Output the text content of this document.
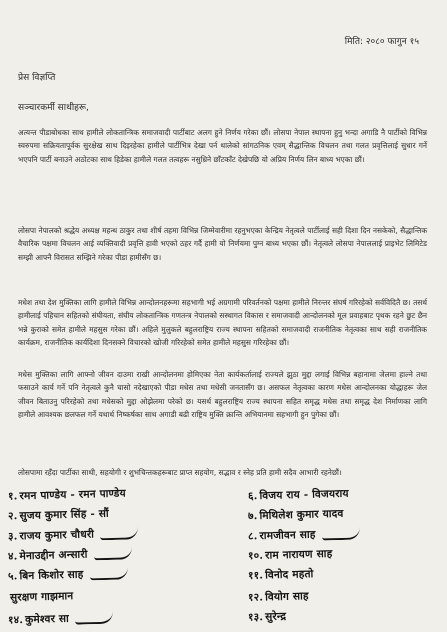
मिति: २०८० फागुन १५
प्रेस विज्ञप्ति
सञ्चारकर्मी साथीहरू,

अत्यन्त पीडाबोधका साथ हामीले लोकतान्त्रिक समाजवादी पार्टीबाट अलग हुने निर्णय गरेका छौं। लोसपा नेपाल स्थापना हुनु भन्दा अगाडि नै पार्टीको विभिन्न स्वरुपमा सक्रियतापूर्वक सुरक्षेख साथ दिइरहेका हामीले पार्टीभित्र देखा पर्न थालेको सांगठनिक एवम् सैद्धान्तिक विचलन तथा गलत प्रवृत्तिलाई सुधार गर्ने भएपनि पार्टी बनाउने अठोटका साथ हिडेका हामीले गलत तत्वहरू नसुध्रिने छाँटकाँट देखेपछि यो अप्रिय निर्णय लिन बाध्य भएका छौं।

लोसपा नेपालको श्रद्धेय अध्यक्ष महन्थ ठाकुर तथा शीर्ष तहमा विभिन्न जिम्मेवारीमा रहनुभएका केन्द्रिय नेतृत्वले पार्टीलाई सही दिशा दिन नसकेको, सैद्धान्तिक वैचारिक पक्षमा विचलन आई व्यक्तिवादी प्रवृत्ति हावी भएको ठहर गर्दै हामी यो निर्णयमा पुग्न बाध्य भएका छौं। नेतृत्वले लोसपा नेपाललाई प्राइभेट लिमिटेड सम्झी आफ्नै विरासत सम्झिने गरेका पीडा हामीसँग छ।

मधेश तथा देश मुक्तिका लागि हामीले विभिन्न आन्दोलनहरूमा सहभागी भई अग्रगामी परिवर्तनको पक्षमा हामीले निरन्तर संघर्ष गरिरहेको सर्वविदितै छ। तसर्थ हामीलाई पहिचान सहितको संघीयता, संघीय लोकतान्त्रिक गणतन्त्र नेपालको सस्थागत विकास र समाजवादी आन्दोलनको मूल प्रवाहबाट पृथक रहने छुट छैन भन्ने कुराको समेत हामीले महसुस गरेका छौं। अहिले मुलुकले बहुलराष्ट्रिय राज्य स्थापना सहितको समाजवादी राजनीतिक नेतृत्वका साथ सही राजनीतिक कार्यक्रम, राजनीतिक कार्यदिशा दिनसक्ने विचारको खोजी गरिरहेको समेत हामीले महसुस गरिरहेका छौं।

मधेस मुक्तिका लागि आफ्नो जीवन दाउमा राखी आन्दोलनमा होमिएका नेता कार्यकर्तालाई राज्यले झुठा मुद्दा लगाई विभिन्न बहानामा जेलमा हाल्ने तथा फसाउने कार्य गर्ने पनि नेतृत्वले कुनै चासो नदेखाएको पीडा मधेस तथा मधेसी जनतासँग छ। असफल नेतृत्वका कारण मधेस आन्दोलनका योद्धाहरू जेल जीवन बिताउनु परिरहेको तथा मधेसको मुद्दा ओझेलमा परेको छ। यसर्थ बहुलराष्ट्रिय राज्य स्थापना सहित समृद्ध मधेस तथा समृद्ध देश निर्माणका लागि हामीले आवश्यक छलफल गर्ने यथार्थ निष्कर्षका साथ अगाडी बढी राष्ट्रिय मुक्ति क्रान्ति अभियानमा सहभागी हुन पुगेका छौं।

लोसपामा रहँदा पार्टीका साथी, सहयोगी र शुभचिन्तकहरूबाट प्राप्त सहयोग, सद्भाव र स्नेह प्रति हामी सदैव आभारी रहनेछौं।
१. रमन पाण्डेय - रमन पाण्डेय
२. सुजय कुमार सिंह - सौं
३. राजय कुमार चौधरी
४. मेनाउद्दीन अन्सारी
५. बिन किशोर साह
सुरक्षण गाझमान
१४. कुमेश्वर सा
६. विजय राय - विजयराय
७. मिथिलेश कुमार यादव
८. रामजीवन साह
१०. राम नारायण साह
११. विनोद महतो
१२. वियोग साह
१३. सुरेन्द्र
